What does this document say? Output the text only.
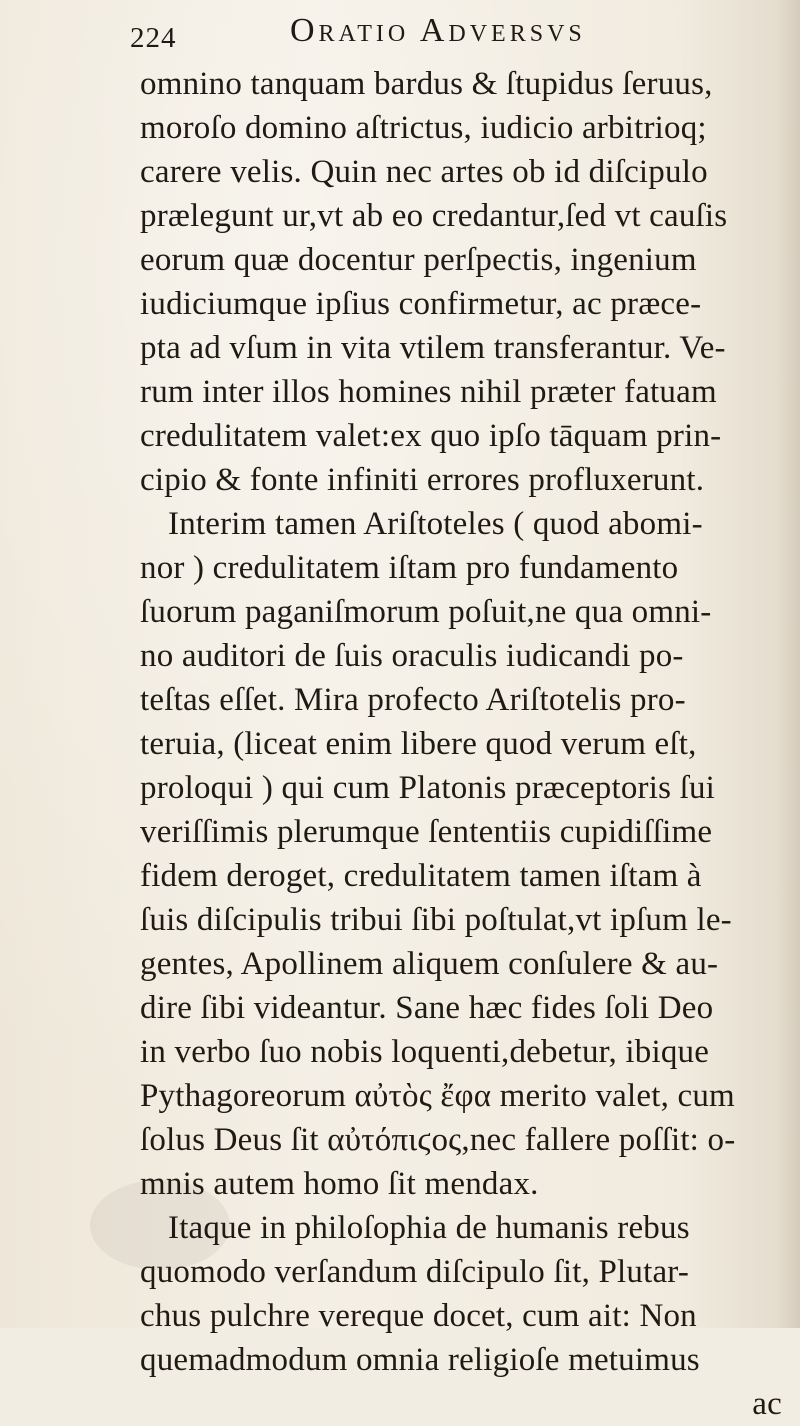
224	Oratio Adversvs
omnino tanquam bardus & ſtupidus ſeruus,
moroſo domino aſtrictus, iudicio arbitrioq;
carere velis. Quin nec artes ob id diſcipulo
prælegunt ur,vt ab eo credantur,ſed vt cauſis
eorum quæ docentur perſpectis, ingenium
iudiciumque ipſius confirmetur, ac præce-
pta ad vſum in vita vtilem transferantur. Ve-
rum inter illos homines nihil præter fatuam
credulitatem valet:ex quo ipſo tāquam prin-
cipio & fonte infiniti errores profluxerunt.
Interim tamen Ariſtoteles ( quod abomi-
nor ) credulitatem iſtam pro fundamento
ſuorum paganiſmorum poſuit,ne qua omni-
no auditori de ſuis oraculis iudicandi po-
teſtas eſſet. Mira profecto Ariſtotelis pro-
teruia, (liceat enim libere quod verum eſt,
proloqui ) qui cum Platonis præceptoris ſui
veriſſimis plerumque ſententiis cupidiſſime
fidem deroget, credulitatem tamen iſtam à
ſuis diſcipulis tribui ſibi poſtulat,vt ipſum le-
gentes, Apollinem aliquem conſulere & au-
dire ſibi videantur. Sane hæc fides ſoli Deo
in verbo ſuo nobis loquenti,debetur, ibique
Pythagoreorum αὐτὸς ἔφα merito valet, cum
ſolus Deus ſit αὐτόπιϛος,nec fallere poſſit: o-
mnis autem homo ſit mendax.
Itaque in philoſophia de humanis rebus
quomodo verſandum diſcipulo ſit, Plutar-
chus pulchre vereque docet, cum ait: Non
quemadmodum omnia religioſe metuimus
ac
